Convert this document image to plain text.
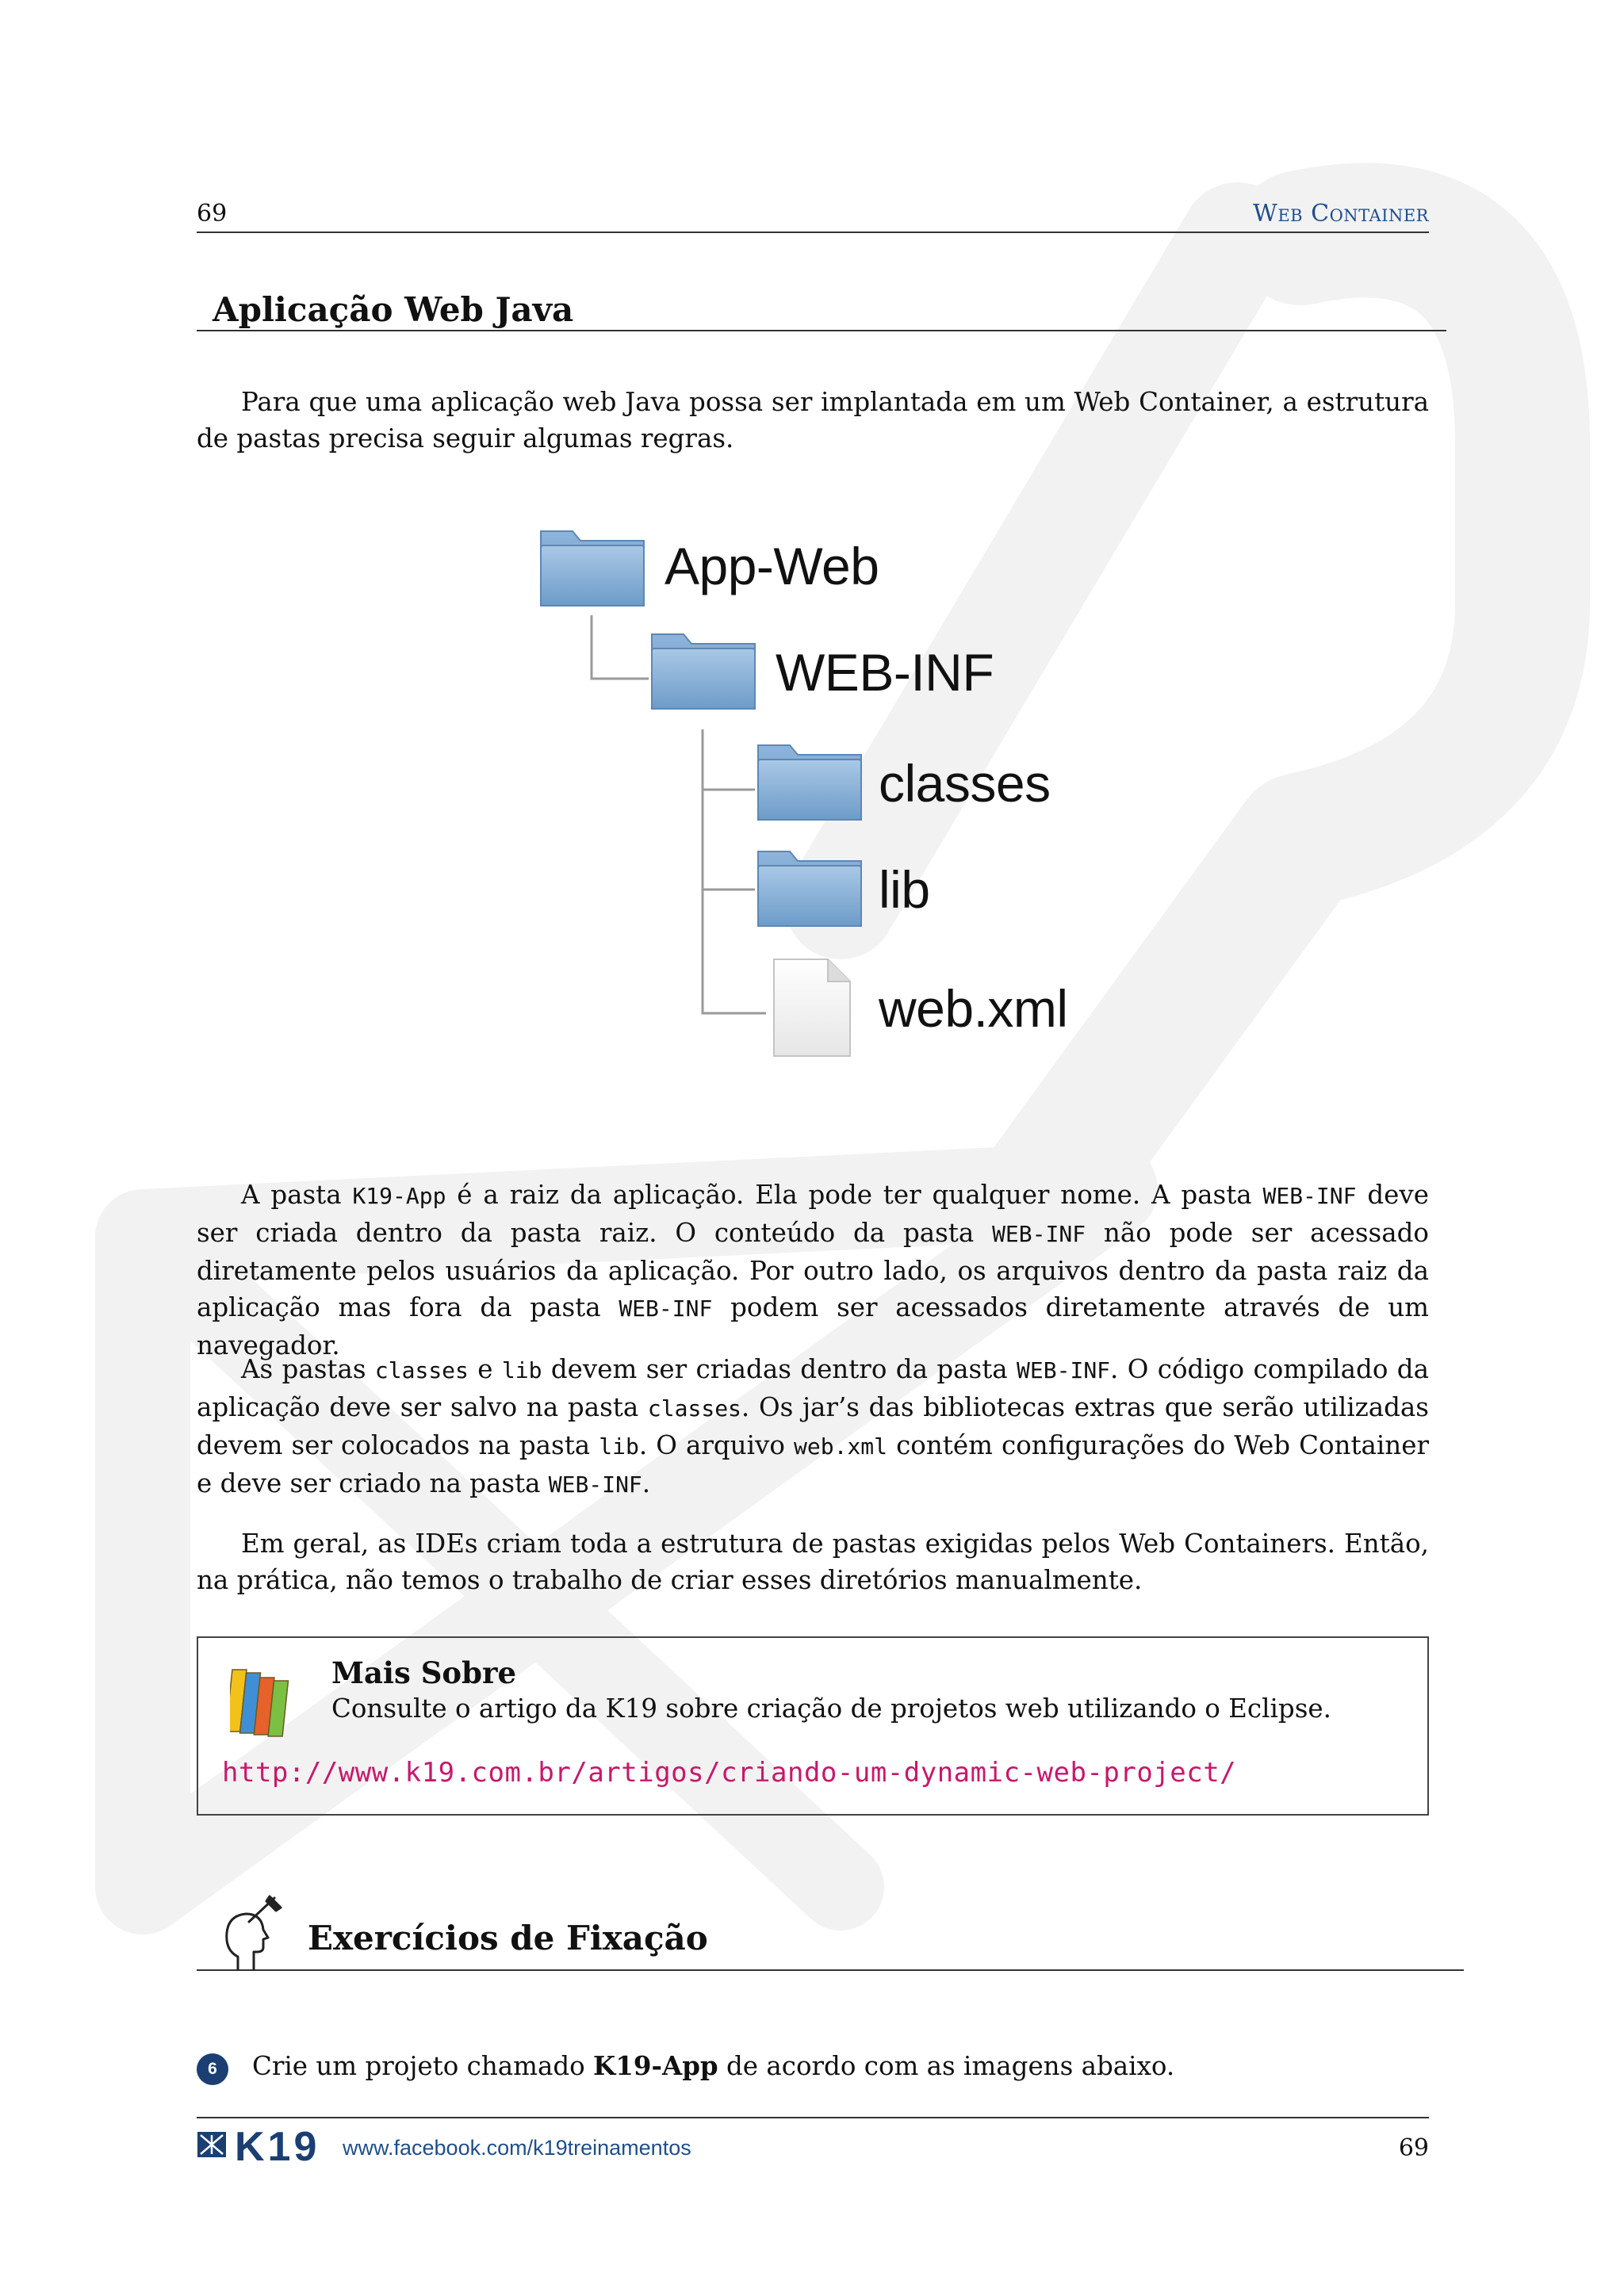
69	Web Container
Aplicação Web Java
Para que uma aplicação web Java possa ser implantada em um Web Container, a estrutura de pastas precisa seguir algumas regras.
App-Web
WEB-INF
classes
lib
web.xml
A pasta K19-App é a raiz da aplicação. Ela pode ter qualquer nome. A pasta WEB-INF deve ser criada dentro da pasta raiz. O conteúdo da pasta WEB-INF não pode ser acessado diretamente pelos usuários da aplicação. Por outro lado, os arquivos dentro da pasta raiz da aplicação mas fora da pasta WEB-INF podem ser acessados diretamente através de um navegador.
As pastas classes e lib devem ser criadas dentro da pasta WEB-INF. O código compilado da aplicação deve ser salvo na pasta classes. Os jar’s das bibliotecas extras que serão utilizadas devem ser colocados na pasta lib. O arquivo web.xml contém configurações do Web Container e deve ser criado na pasta WEB-INF.
Em geral, as IDEs criam toda a estrutura de pastas exigidas pelos Web Containers. Então, na prática, não temos o trabalho de criar esses diretórios manualmente.
Mais Sobre
Consulte o artigo da K19 sobre criação de projetos web utilizando o Eclipse.
http://www.k19.com.br/artigos/criando-um-dynamic-web-project/
Exercícios de Fixação
6	Crie um projeto chamado K19-App de acordo com as imagens abaixo.
K19 www.facebook.com/k19treinamentos	69
